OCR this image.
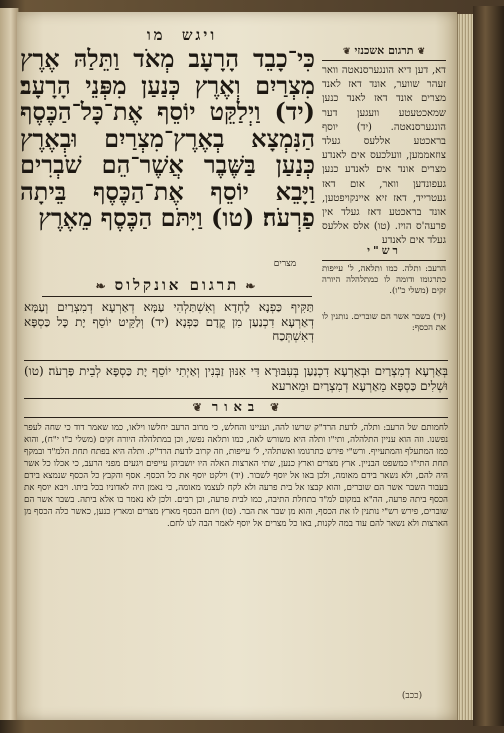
ויגש מו
כִּי־כָבֵד הָרָעָב מְאֹד וַתֵּלַהּ אֶרֶץ מִצְרַיִם וְאֶרֶץ כְּנַעַן מִפְּנֵי הָרָעָב׃ (יד) וַיְלַקֵּט יוֹסֵף אֶת־כָּל־הַכֶּסֶף הַנִּמְצָא בְאֶרֶץ־מִצְרַיִם וּבְאֶרֶץ כְּנַעַן בַּשֶּׁבֶר אֲשֶׁר־הֵם שֹׁבְרִים וַיָּבֵא יוֹסֵף אֶת־הַכֶּסֶף בֵּיתָה פַרְעֹה׃ (טו) וַיִּתֹּם הַכֶּסֶף מֵאֶרֶץ
מצרים
❦ תרגום אשכנזי ❦
דא, דען דיא הונגערסנאטה וואר זעהר שווער, אונד דאז לאנד מצרים אונד דאז לאנד כנען שמאכטעטע וועגען דער הונגערסנאטה. (יד) יוסף בראכטע אללעס געלד צוזאממען, וועלכעס אים לאנדע מצרים אונד אים לאנדע כנען געפונדען וואר, אום דאז געטרייד, דאז זיא איינקויפטען, אונד בראכטע דאז געלד אין פרעה'ס הויז. (טו) אלס אללעס געלד אים לאנדע
רש"י
הרעב: ותלה. כמו ותלאה, ל' עייפות כתרגומו ודומה לו כמתלהלה היורה זקים (משלי כ"ו).
❧ תרגום אונקלוס ❧
תַּקִּיף כַּפְנָא לַחְדָא וְאִשְׁתַּלְהִי עַמָּא דְאַרְעָא דְמִצְרַיִם וְעַמָּא דְאַרְעָא דִכְנַעַן מִן קֳדָם כַּפְנָא׃ (יד) וְלַקֵּיט יוֹסֵף יָת כָּל כַּסְפָּא דְאִשְׁתְּכַח
(יד) בשבר אשר הם שוברים. נותנין לו את הכסף:
בְּאַרְעָא דְמִצְרַיִם וּבְאַרְעָא דִכְנַעַן בְּעִבּוּרָא דִּי אִנּוּן זַבְּנִין וְאַיְתִי יוֹסֵף יָת כַּסְפָּא לְבֵית פַּרְעֹה׃ (טו) וּשְׁלִים כַּסְפָּא מֵאַרְעָא דְמִצְרַיִם וּמֵארעא
❦ באור ❦
לחמותם של הרעב: ותלה, לדעת הרד"ק שרשו להה, ועניינו והחלש, כי מרוב הרעב יחלשו וילאו, כמו שאמר דוד כי שחה לעפר נפשנו. וזה הוא עניין התלהלה, ותי"ו ותלה היא משורש לאה, כמו ותלאה נפשו, וכן במתלהלה היורה זקים (משלי כ"ו י"ח), והוא כמו המתעלף והמתעייף. ורש"י פירש כתרגומו ואשתלהי, ל' עייפות, וזה קרוב לדעת הרד"ק. ותלה היא בפתח תחת הלמ"ד ובמקף תחת התי"ו כמשפט הבניין. ארץ מצרים וארץ כנען, שתי הארצות האלה היו יושביהן עייפים ויגעים מפני הרעב, כי אכלו כל אשר היה להם, ולא נשאר בידם מאומה, ולכן באו אל יוסף לשבור. (יד) וילקט יוסף את כל הכסף. אסף והקבץ כל הכסף שנמצא בידם בעבור השבר אשר הם שוברים, והוא קבצו אל בית פרעה ולא לקח לעצמו מאומה, כי נאמן היה לאדוניו בכל ביתו. ויבא יוסף את הכסף ביתה פרעה, הה"א במקום למ"ד בתחלת התיבה, כמו לבית פרעה, וכן רבים. ולכן לא נאמר בו אלא ביתה. בשבר אשר הם שוברים, פירש רש"י נותנין לו את הכסף, והוא מן שבר את הבר. (טו) ויתם הכסף מארץ מצרים ומארץ כנען, כאשר כלה הכסף מן הארצות ולא נשאר להם עוד במה לקנות, באו כל מצרים אל יוסף לאמר הבה לנו לחם.
(ככב)
